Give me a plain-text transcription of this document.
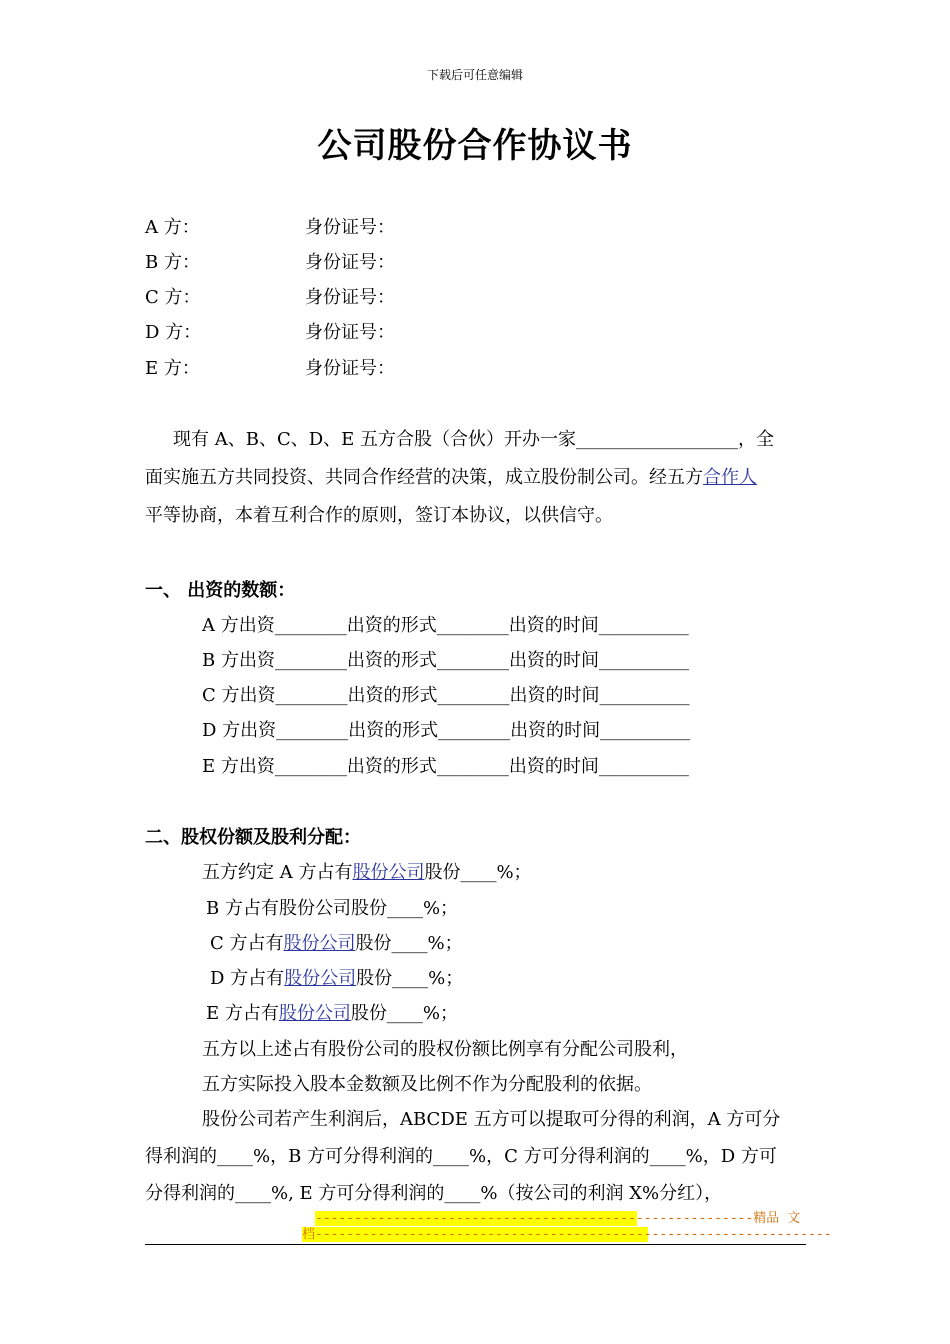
下载后可任意编辑
公司股份合作协议书
A 方：	身份证号：
B 方：	身份证号：
C 方：	身份证号：
D 方：	身份证号：
E 方：	身份证号：
现有 A、B、C、D、E 五方合股（合伙）开办一家__________________，全
面实施五方共同投资、共同合作经营的决策，成立股份制公司。经五方合作人
平等协商，本着互利合作的原则，签订本协议，以供信守。
一、 出资的数额：
A 方出资________出资的形式________出资的时间__________
B 方出资________出资的形式________出资的时间__________
C 方出资________出资的形式________出资的时间__________
D 方出资________出资的形式________出资的时间__________
E 方出资________出资的形式________出资的时间__________
二、股权份额及股利分配：
五方约定 A 方占有股份公司股份____%；
B 方占有股份公司股份____%；
C 方占有股份公司股份____%；
D 方占有股份公司股份____%；
E 方占有股份公司股份____%；
五方以上述占有股份公司的股权份额比例享有分配公司股利，
五方实际投入股本金数额及比例不作为分配股利的依据。
股份公司若产生利润后，ABCDE 五方可以提取可分得的利润，A 方可分
得利润的____%，B 方可分得利润的____%，C 方可分得利润的____%，D 方可
分得利润的____%, E 方可分得利润的____%（按公司的利润 X%分红），
--------------------------------------------------------精品 文
档------------------------------------------------------------------
